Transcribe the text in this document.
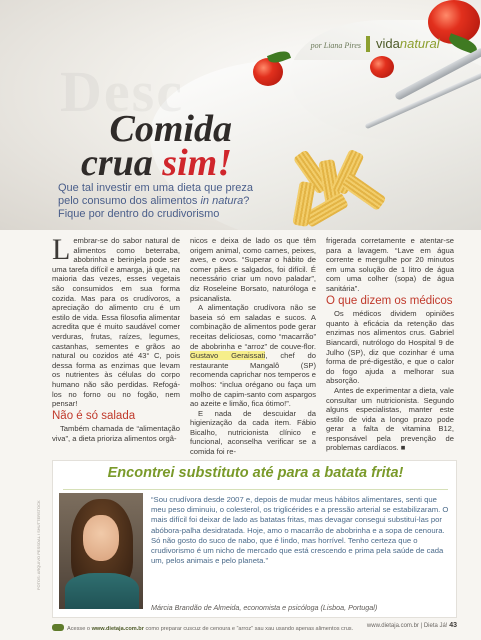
Desc
por Liana Pires	vidanatural
Comida
crua sim!
Que tal investir em uma dieta que preza pelo consumo dos alimentos in natura? Fique por dentro do crudivorismo

Lembrar-se do sabor natural de alimentos como beterraba, abobrinha e berinjela pode ser uma tarefa difícil e amarga, já que, na maioria das vezes, esses vegetais são consumidos em sua forma cozida. Mas para os crudívoros, a apreciação do alimento cru é um estilo de vida. Essa filosofia alimentar acredita que é muito saudável comer verduras, frutas, raízes, legumes, castanhas, sementes e grãos ao natural ou cozidos até 43° C, pois dessa forma as enzimas que levam os nutrientes às células do corpo humano não são perdidas. Refogá-los no forno ou no fogão, nem pensar!

Não é só salada

Também chamada de “alimentação viva”, a dieta prioriza alimentos orgâ-

nicos e deixa de lado os que têm origem animal, como carnes, peixes, aves, e ovos. “Superar o hábito de comer pães e salgados, foi difícil. É necessário criar um novo paladar”, diz Roseleine Borsato, naturóloga e psicanalista.

A alimentação crudívora não se baseia só em saladas e sucos. A combinação de alimentos pode gerar receitas deliciosas, como “macarrão” de abobrinha e “arroz” de couve-flor. Gustavo Geraissati, chef do restaurante Mangalô (SP) recomenda caprichar nos temperos e molhos: “inclua orégano ou faça um molho de capim-santo com aspargos ao azeite e limão, fica ótimo!”.

E nada de descuidar da higienização da cada item. Fábio Bicalho, nutricionista clínico e funcional, aconselha verificar se a comida foi re-

frigerada corretamente e atentar-se para a lavagem. “Lave em água corrente e mergulhe por 20 minutos em uma solução de 1 litro de água com uma colher (sopa) de água sanitária”.

O que dizem os médicos

Os médicos dividem opiniões quanto à eficácia da retenção das enzimas nos alimentos crus. Gabriel Biancardi, nutrólogo do Hospital 9 de Julho (SP), diz que cozinhar é uma forma de pré-digestão, e que o calor do fogo ajuda a melhorar sua absorção.

Antes de experimentar a dieta, vale consultar um nutricionista. Segundo alguns especialistas, manter este estilo de vida a longo prazo pode gerar a falta de vitamina B12, responsável pela prevenção de problemas cardíacos. ■

FOTOS: ARQUIVO PESSOAL / SHUTTERSTOCK
Encontrei substituto até para a batata frita!
“Sou crudívora desde 2007 e, depois de mudar meus hábitos alimentares, senti que meu peso diminuiu, o colesterol, os triglicérides e a pressão arterial se estabilizaram. O mais difícil foi deixar de lado as batatas fritas, mas devagar consegui substituí-las por abóbora-palha desidratada. Hoje, amo o macarrão de abobrinha e a sopa de cenoura. Só não gosto do suco de nabo, que é lindo, mas horrível. Tenho certeza que o crudivorismo é um nicho de mercado que está crescendo e prima pela saúde de cada um, pelos animais e pelo planeta.”
Márcia Brandão de Almeida, economista e psicóloga (Lisboa, Portugal)
Acesse o www.dietaja.com.br como preparar cuscuz de cenoura e “arroz” sau xau usando apenas alimentos crus.	www.dietaja.com.br | Dieta Já! 43
